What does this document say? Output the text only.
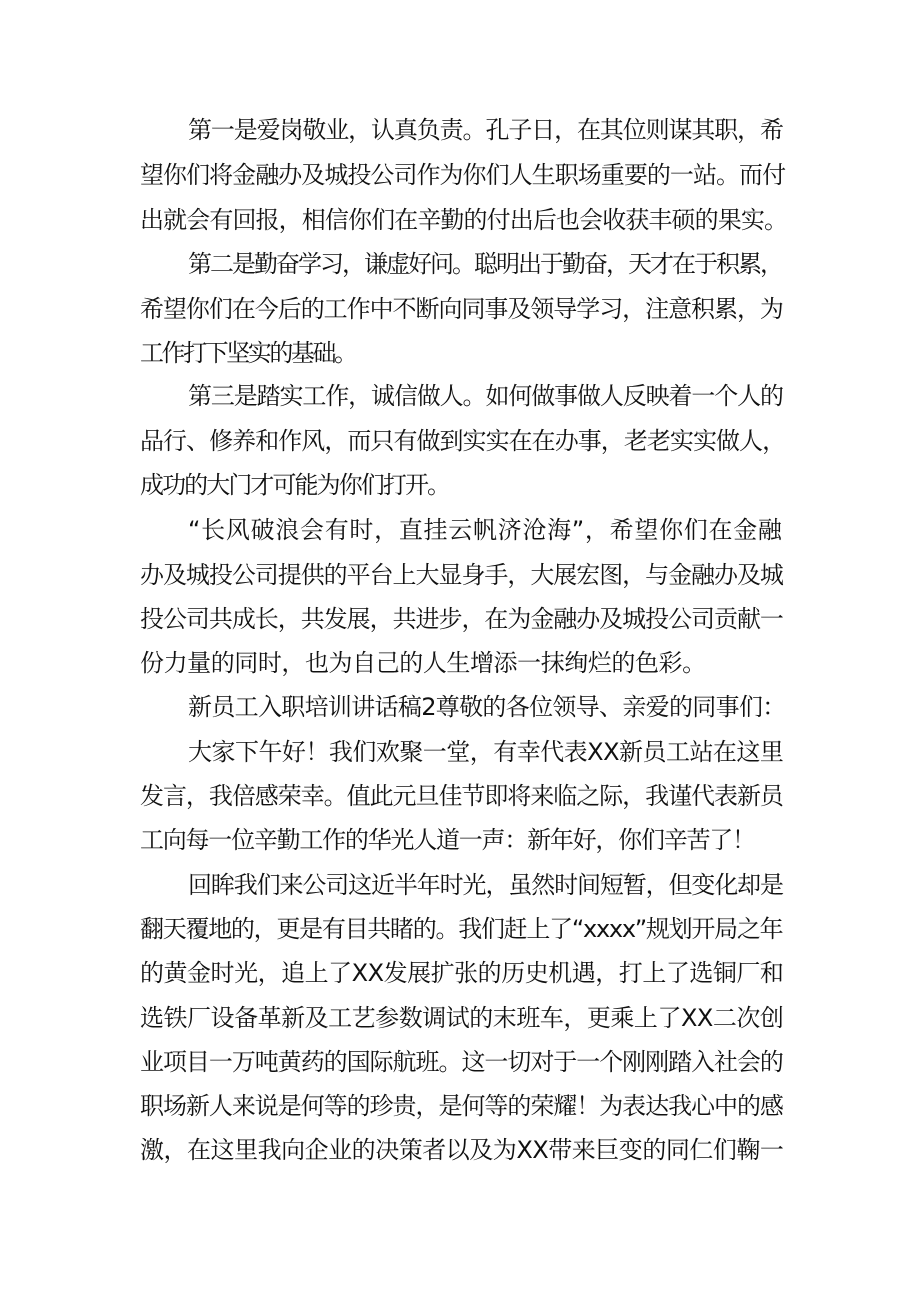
第一是爱岗敬业，认真负责。孔子日，在其位则谋其职，希
望你们将金融办及城投公司作为你们人生职场重要的一站。而付
出就会有回报，相信你们在辛勤的付出后也会收获丰硕的果实。
第二是勤奋学习，谦虚好问。聪明出于勤奋，天才在于积累，
希望你们在今后的工作中不断向同事及领导学习，注意积累，为
工作打下坚实的基础。
第三是踏实工作，诚信做人。如何做事做人反映着一个人的
品行、修养和作风，而只有做到实实在在办事，老老实实做人，
成功的大门才可能为你们打开。
“长风破浪会有时，直挂云帆济沧海”，希望你们在金融
办及城投公司提供的平台上大显身手，大展宏图，与金融办及城
投公司共成长，共发展，共进步，在为金融办及城投公司贡献一
份力量的同时，也为自己的人生增添一抹绚烂的色彩。
新员工入职培训讲话稿2尊敬的各位领导、亲爱的同事们：
大家下午好！我们欢聚一堂，有幸代表XX新员工站在这里
发言，我倍感荣幸。值此元旦佳节即将来临之际，我谨代表新员
工向每一位辛勤工作的华光人道一声：新年好，你们辛苦了！
回眸我们来公司这近半年时光，虽然时间短暂，但变化却是
翻天覆地的，更是有目共睹的。我们赶上了“xxxx”规划开局之年
的黄金时光，追上了XX发展扩张的历史机遇，打上了选铜厂和
选铁厂设备革新及工艺参数调试的末班车，更乘上了XX二次创
业项目一万吨黄药的国际航班。这一切对于一个刚刚踏入社会的
职场新人来说是何等的珍贵，是何等的荣耀！为表达我心中的感
激，在这里我向企业的决策者以及为XX带来巨变的同仁们鞠一
